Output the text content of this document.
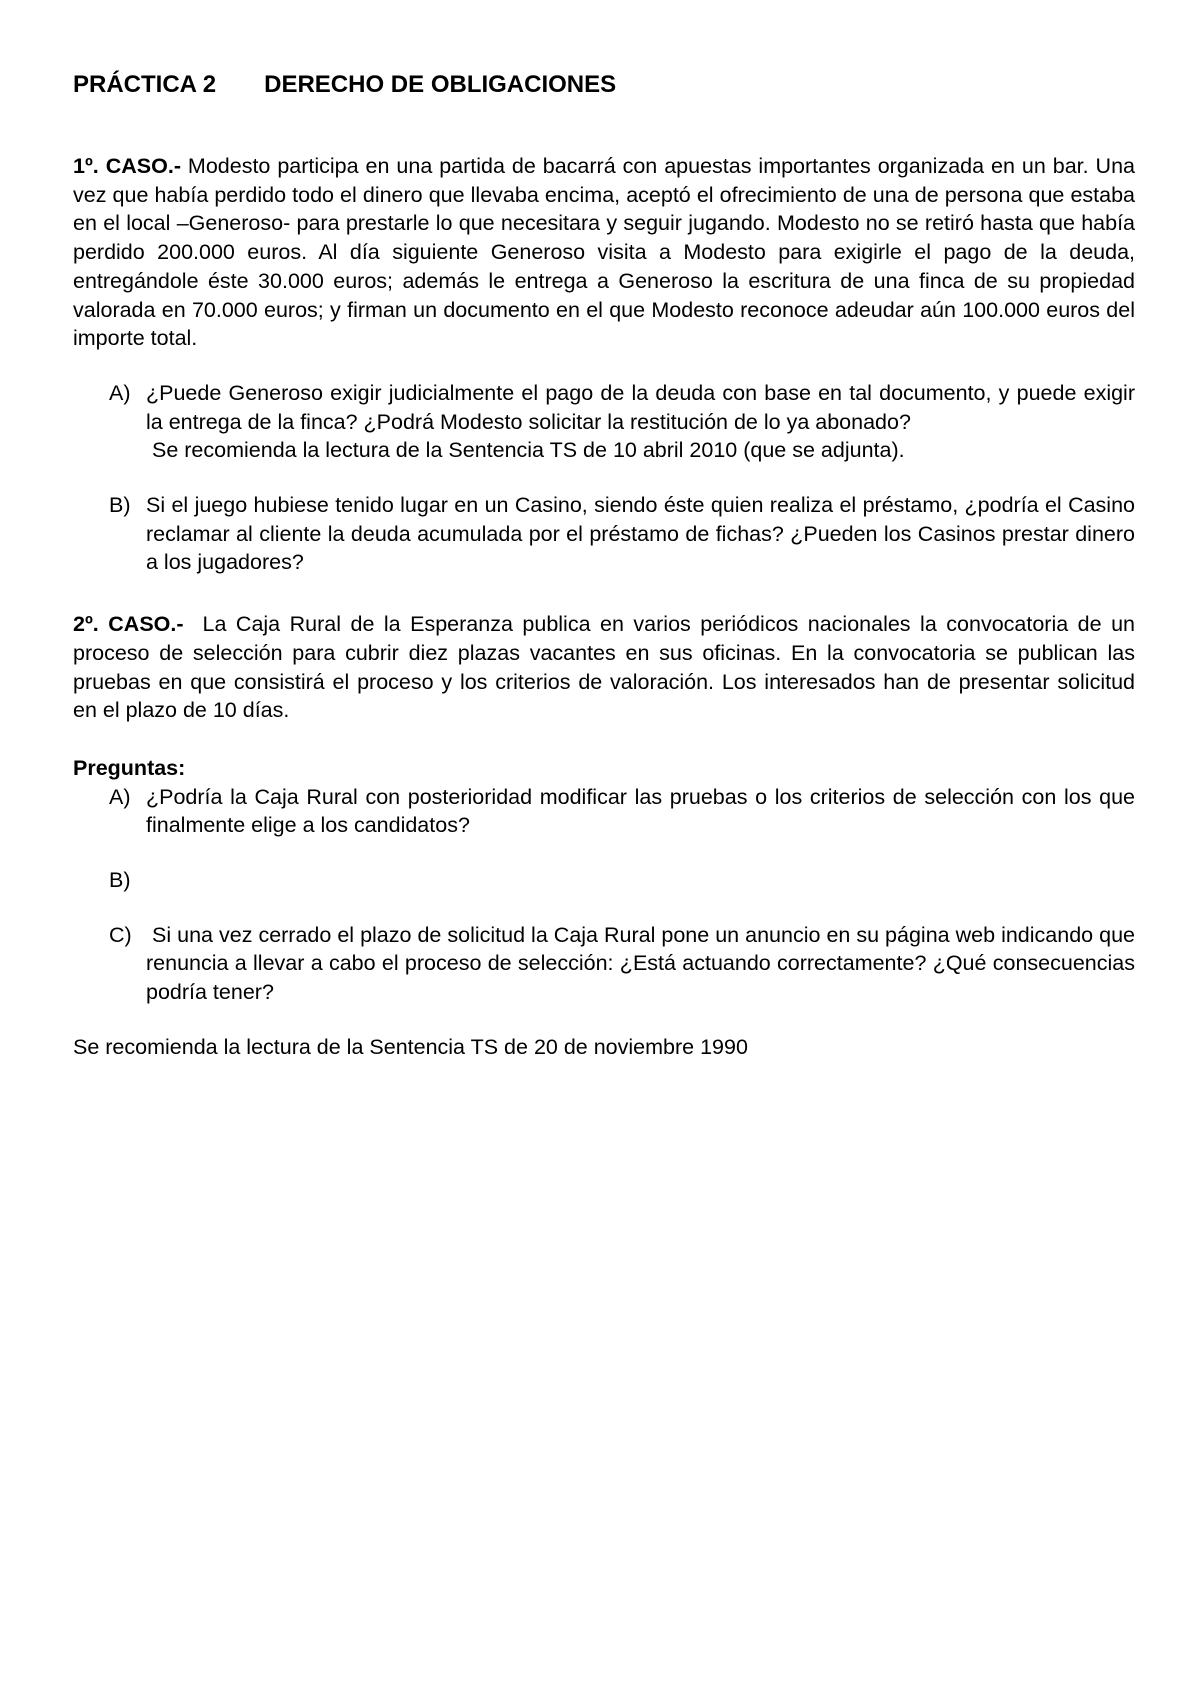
PRÁCTICA 2 DERECHO DE OBLIGACIONES

1º. CASO.- Modesto participa en una partida de bacarrá con apuestas importantes organizada en un bar. Una vez que había perdido todo el dinero que llevaba encima, aceptó el ofrecimiento de una de persona que estaba en el local –Generoso- para prestarle lo que necesitara y seguir jugando. Modesto no se retiró hasta que había perdido 200.000 euros. Al día siguiente Generoso visita a Modesto para exigirle el pago de la deuda, entregándole éste 30.000 euros; además le entrega a Generoso la escritura de una finca de su propiedad valorada en 70.000 euros; y firman un documento en el que Modesto reconoce adeudar aún 100.000 euros del importe total.

A) ¿Puede Generoso exigir judicialmente el pago de la deuda con base en tal documento, y puede exigir la entrega de la finca? ¿Podrá Modesto solicitar la restitución de lo ya abonado?
Se recomienda la lectura de la Sentencia TS de 10 abril 2010 (que se adjunta).
B) Si el juego hubiese tenido lugar en un Casino, siendo éste quien realiza el préstamo, ¿podría el Casino reclamar al cliente la deuda acumulada por el préstamo de fichas? ¿Pueden los Casinos prestar dinero a los jugadores?

2º. CASO.-  La Caja Rural de la Esperanza publica en varios periódicos nacionales la convocatoria de un proceso de selección para cubrir diez plazas vacantes en sus oficinas. En la convocatoria se publican las pruebas en que consistirá el proceso y los criterios de valoración. Los interesados han de presentar solicitud en el plazo de 10 días.

Preguntas:
A) ¿Podría la Caja Rural con posterioridad modificar las pruebas o los criterios de selección con los que finalmente elige a los candidatos?
B)
C) Si una vez cerrado el plazo de solicitud la Caja Rural pone un anuncio en su página web indicando que renuncia a llevar a cabo el proceso de selección: ¿Está actuando correctamente? ¿Qué consecuencias podría tener?

Se recomienda la lectura de la Sentencia TS de 20 de noviembre 1990
